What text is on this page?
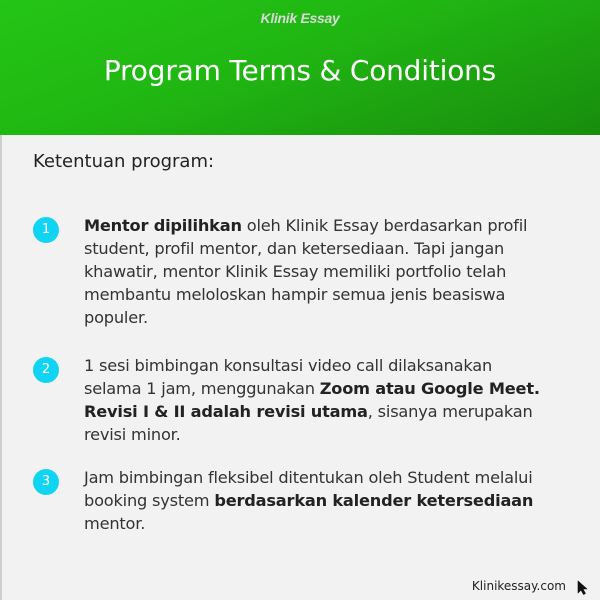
Klinik Essay
Program Terms & Conditions
Ketentuan program:
1	Mentor dipilihkan oleh Klinik Essay berdasarkan profil student, profil mentor, dan ketersediaan. Tapi jangan khawatir, mentor Klinik Essay memiliki portfolio telah membantu meloloskan hampir semua jenis beasiswa populer.
2	1 sesi bimbingan konsultasi video call dilaksanakan selama 1 jam, menggunakan Zoom atau Google Meet. Revisi I & II adalah revisi utama, sisanya merupakan revisi minor.
3	Jam bimbingan fleksibel ditentukan oleh Student melalui booking system berdasarkan kalender ketersediaan mentor.
Klinikessay.com
